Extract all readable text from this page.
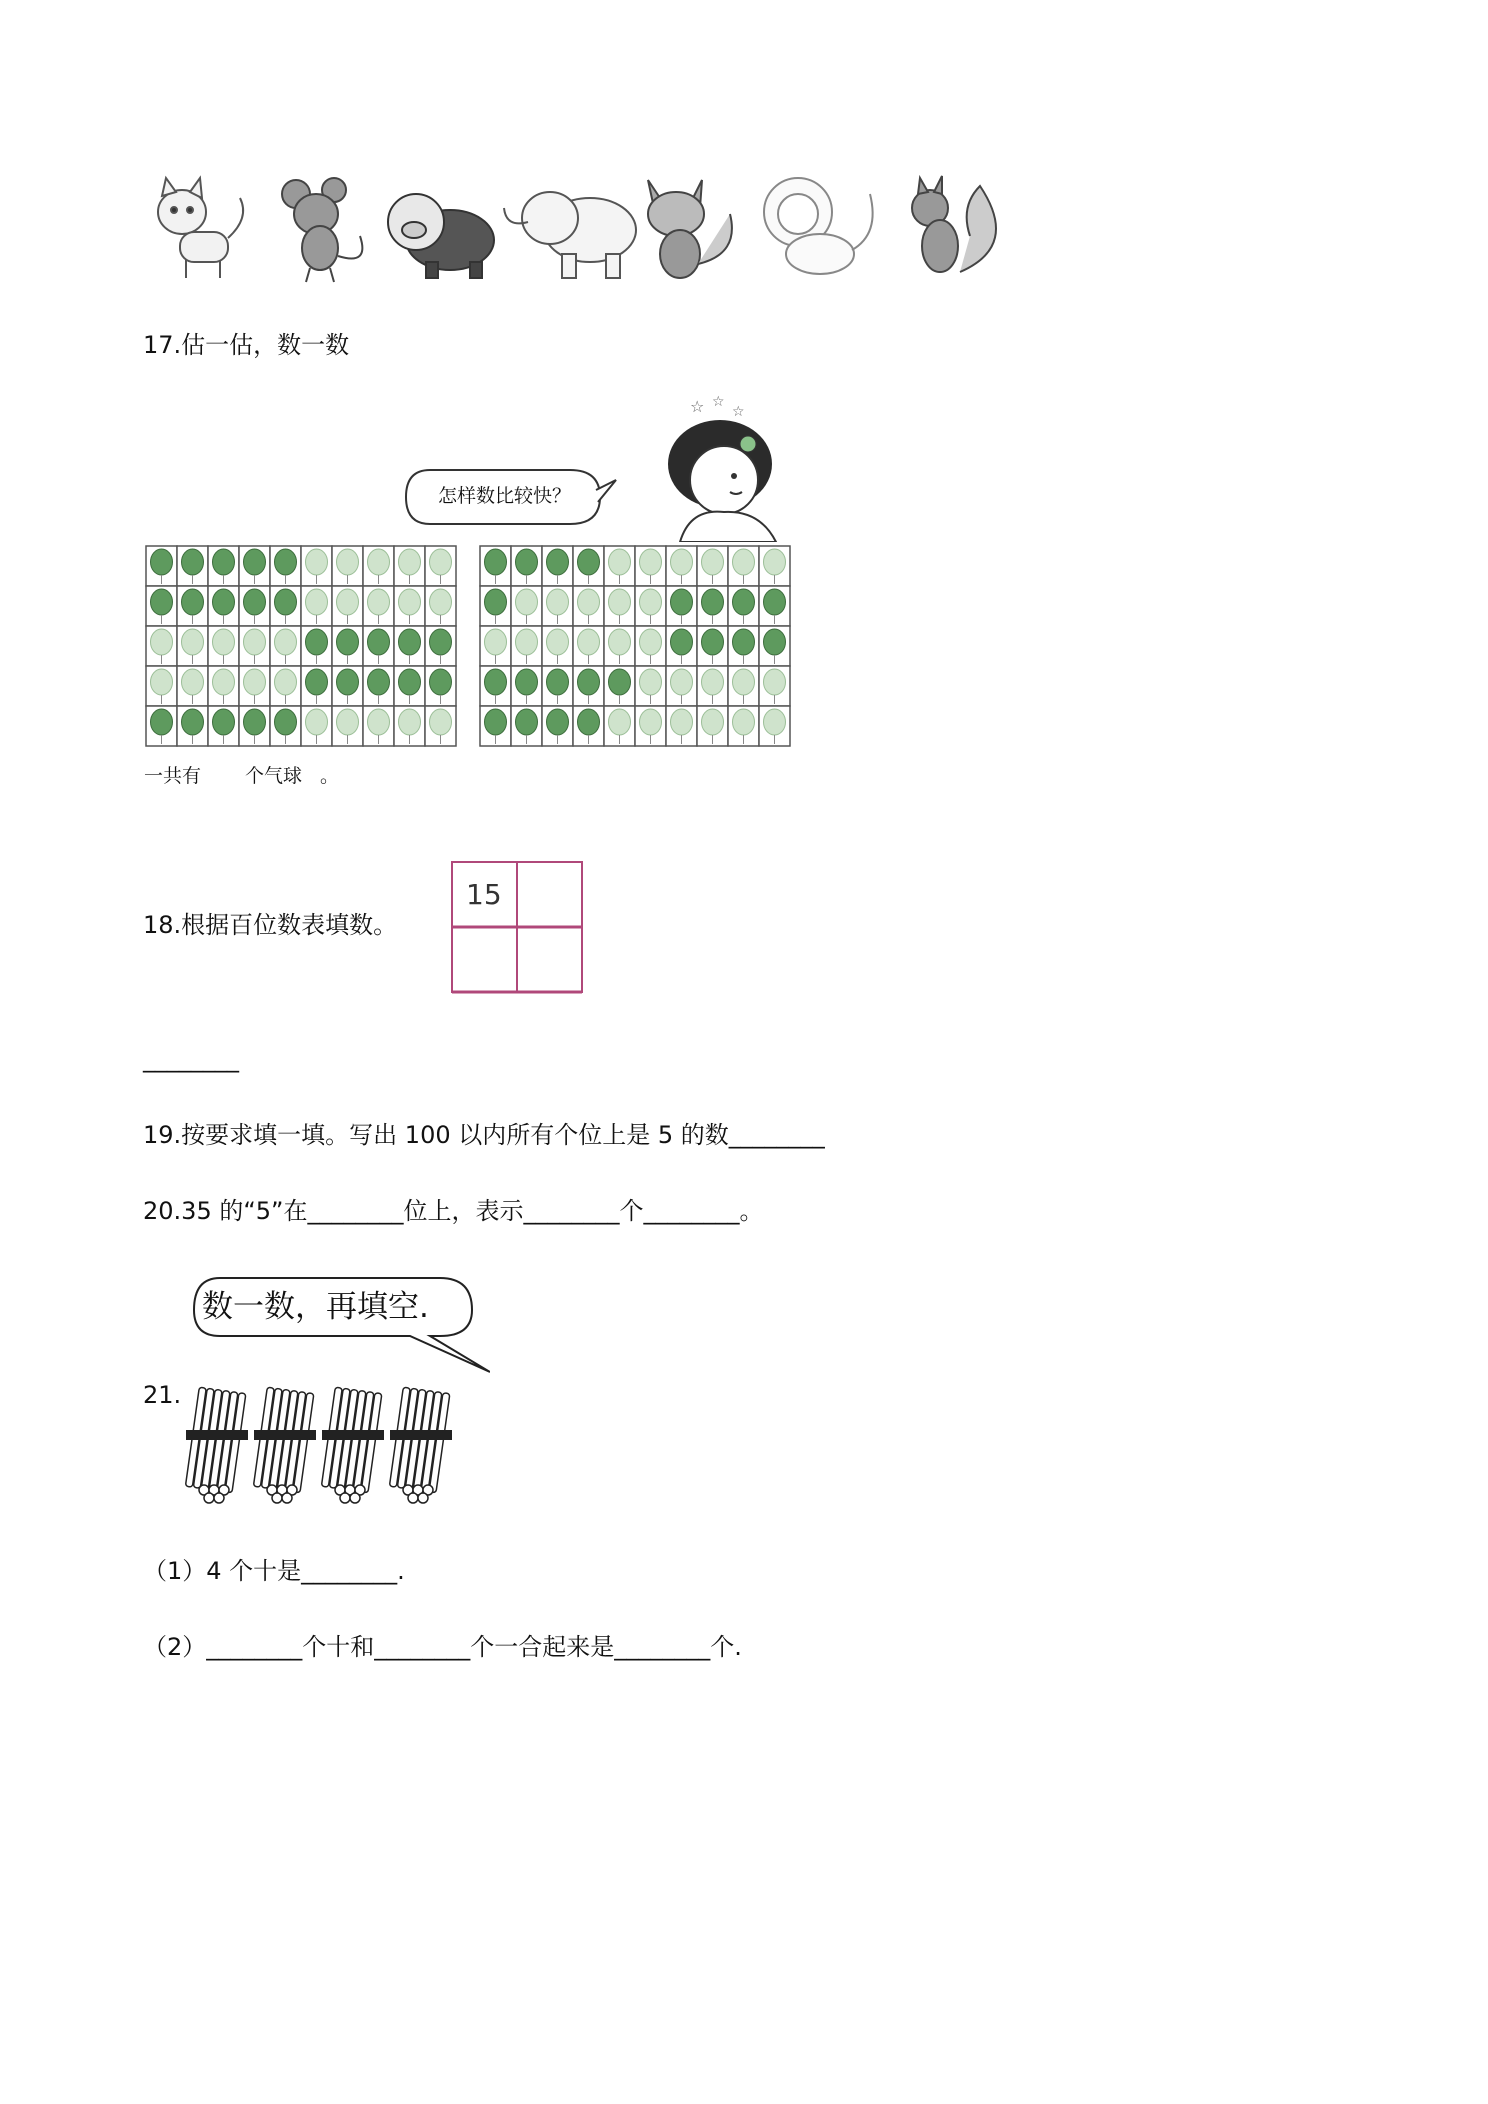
17.估一估，数一数
怎样数比较快？
☆ ☆
☆
一共有 个气球 。
18.根据百位数表填数。
15
________
19.按要求填一填。写出 100 以内所有个位上是 5 的数________
20.35 的“5”在________位上，表示________个________。
数一数，再填空.
21.
（1）4 个十是________.
（2）________个十和________个一合起来是________个.
